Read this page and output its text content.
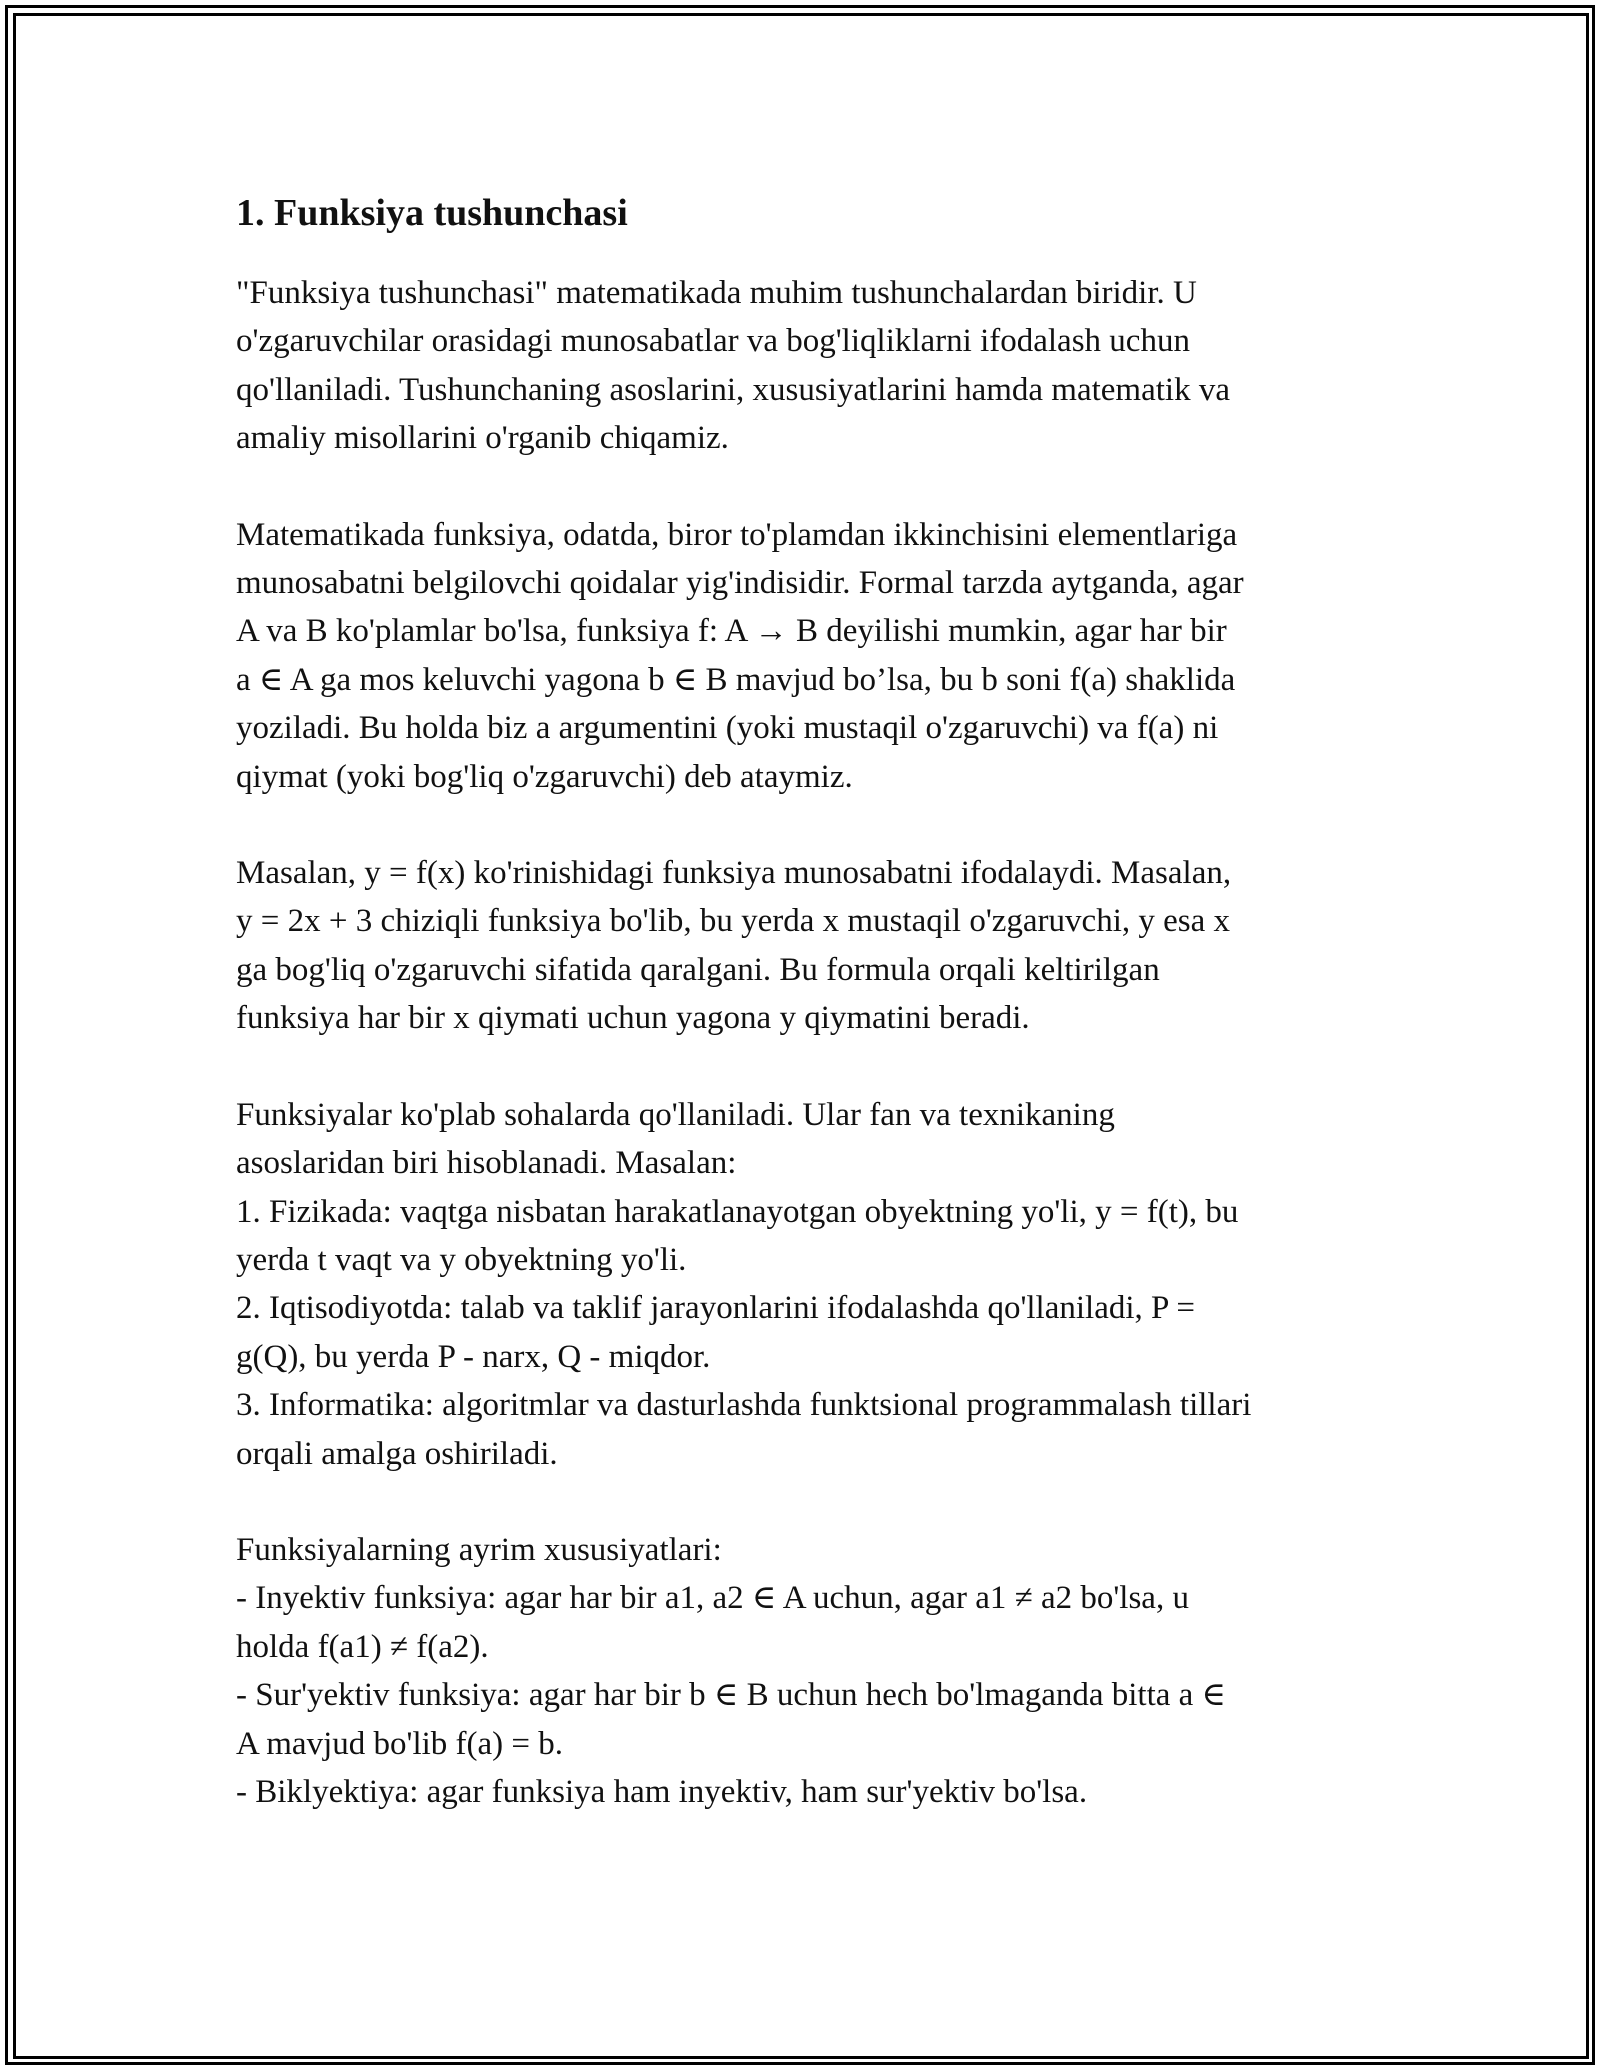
1. Funksiya tushunchasi

"Funksiya tushunchasi" matematikada muhim tushunchalardan biridir. U
o'zgaruvchilar orasidagi munosabatlar va bog'liqliklarni ifodalash uchun
qo'llaniladi. Tushunchaning asoslarini, xususiyatlarini hamda matematik va
amaliy misollarini o'rganib chiqamiz.

Matematikada funksiya, odatda, biror to'plamdan ikkinchisini elementlariga
munosabatni belgilovchi qoidalar yig'indisidir. Formal tarzda aytganda, agar
A va B ko'plamlar bo'lsa, funksiya f: A → B deyilishi mumkin, agar har bir
a ∈ A ga mos keluvchi yagona b ∈ B mavjud bo’lsa, bu b soni f(a) shaklida
yoziladi. Bu holda biz a argumentini (yoki mustaqil o'zgaruvchi) va f(a) ni
qiymat (yoki bog'liq o'zgaruvchi) deb ataymiz.

Masalan, y = f(x) ko'rinishidagi funksiya munosabatni ifodalaydi. Masalan,
y = 2x + 3 chiziqli funksiya bo'lib, bu yerda x mustaqil o'zgaruvchi, y esa x
ga bog'liq o'zgaruvchi sifatida qaralgani. Bu formula orqali keltirilgan
funksiya har bir x qiymati uchun yagona y qiymatini beradi.

Funksiyalar ko'plab sohalarda qo'llaniladi. Ular fan va texnikaning
asoslaridan biri hisoblanadi. Masalan:
1. Fizikada: vaqtga nisbatan harakatlanayotgan obyektning yo'li, y = f(t), bu
yerda t vaqt va y obyektning yo'li.
2. Iqtisodiyotda: talab va taklif jarayonlarini ifodalashda qo'llaniladi, P =
g(Q), bu yerda P - narx, Q - miqdor.
3. Informatika: algoritmlar va dasturlashda funktsional programmalash tillari
orqali amalga oshiriladi.

Funksiyalarning ayrim xususiyatlari:
- Inyektiv funksiya: agar har bir a1, a2 ∈ A uchun, agar a1 ≠ a2 bo'lsa, u
holda f(a1) ≠ f(a2).
- Sur'yektiv funksiya: agar har bir b ∈ B uchun hech bo'lmaganda bitta a ∈
A mavjud bo'lib f(a) = b.
- Biklyektiya: agar funksiya ham inyektiv, ham sur'yektiv bo'lsa.
